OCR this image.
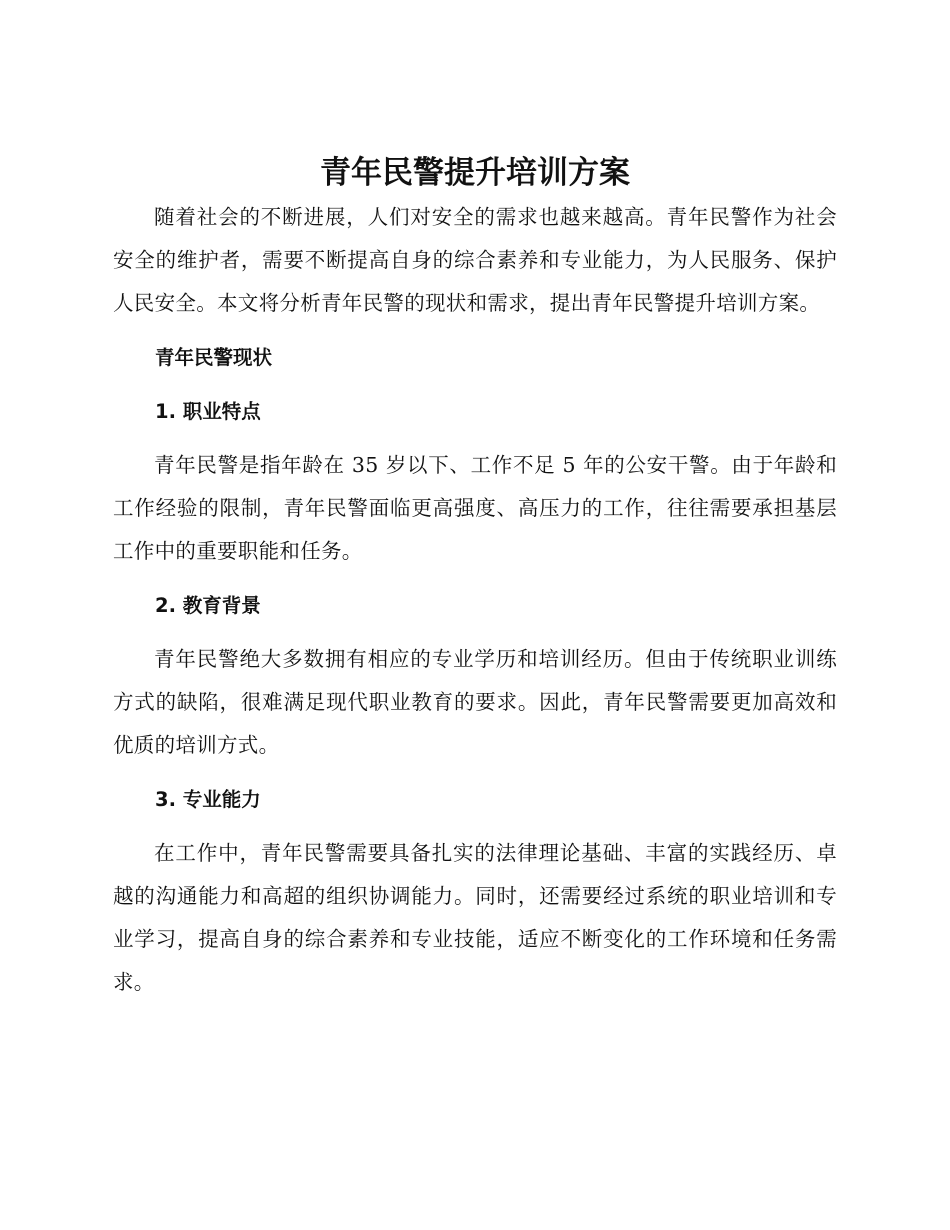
青年民警提升培训方案

随着社会的不断进展，人们对安全的需求也越来越高。青年民警作为社会安全的维护者，需要不断提高自身的综合素养和专业能力，为人民服务、保护人民安全。本文将分析青年民警的现状和需求，提出青年民警提升培训方案。

青年民警现状
1. 职业特点

青年民警是指年龄在 35 岁以下、工作不足 5 年的公安干警。由于年龄和工作经验的限制，青年民警面临更高强度、高压力的工作，往往需要承担基层工作中的重要职能和任务。

2. 教育背景

青年民警绝大多数拥有相应的专业学历和培训经历。但由于传统职业训练方式的缺陷，很难满足现代职业教育的要求。因此，青年民警需要更加高效和优质的培训方式。

3. 专业能力

在工作中，青年民警需要具备扎实的法律理论基础、丰富的实践经历、卓越的沟通能力和高超的组织协调能力。同时，还需要经过系统的职业培训和专业学习，提高自身的综合素养和专业技能，适应不断变化的工作环境和任务需求。
